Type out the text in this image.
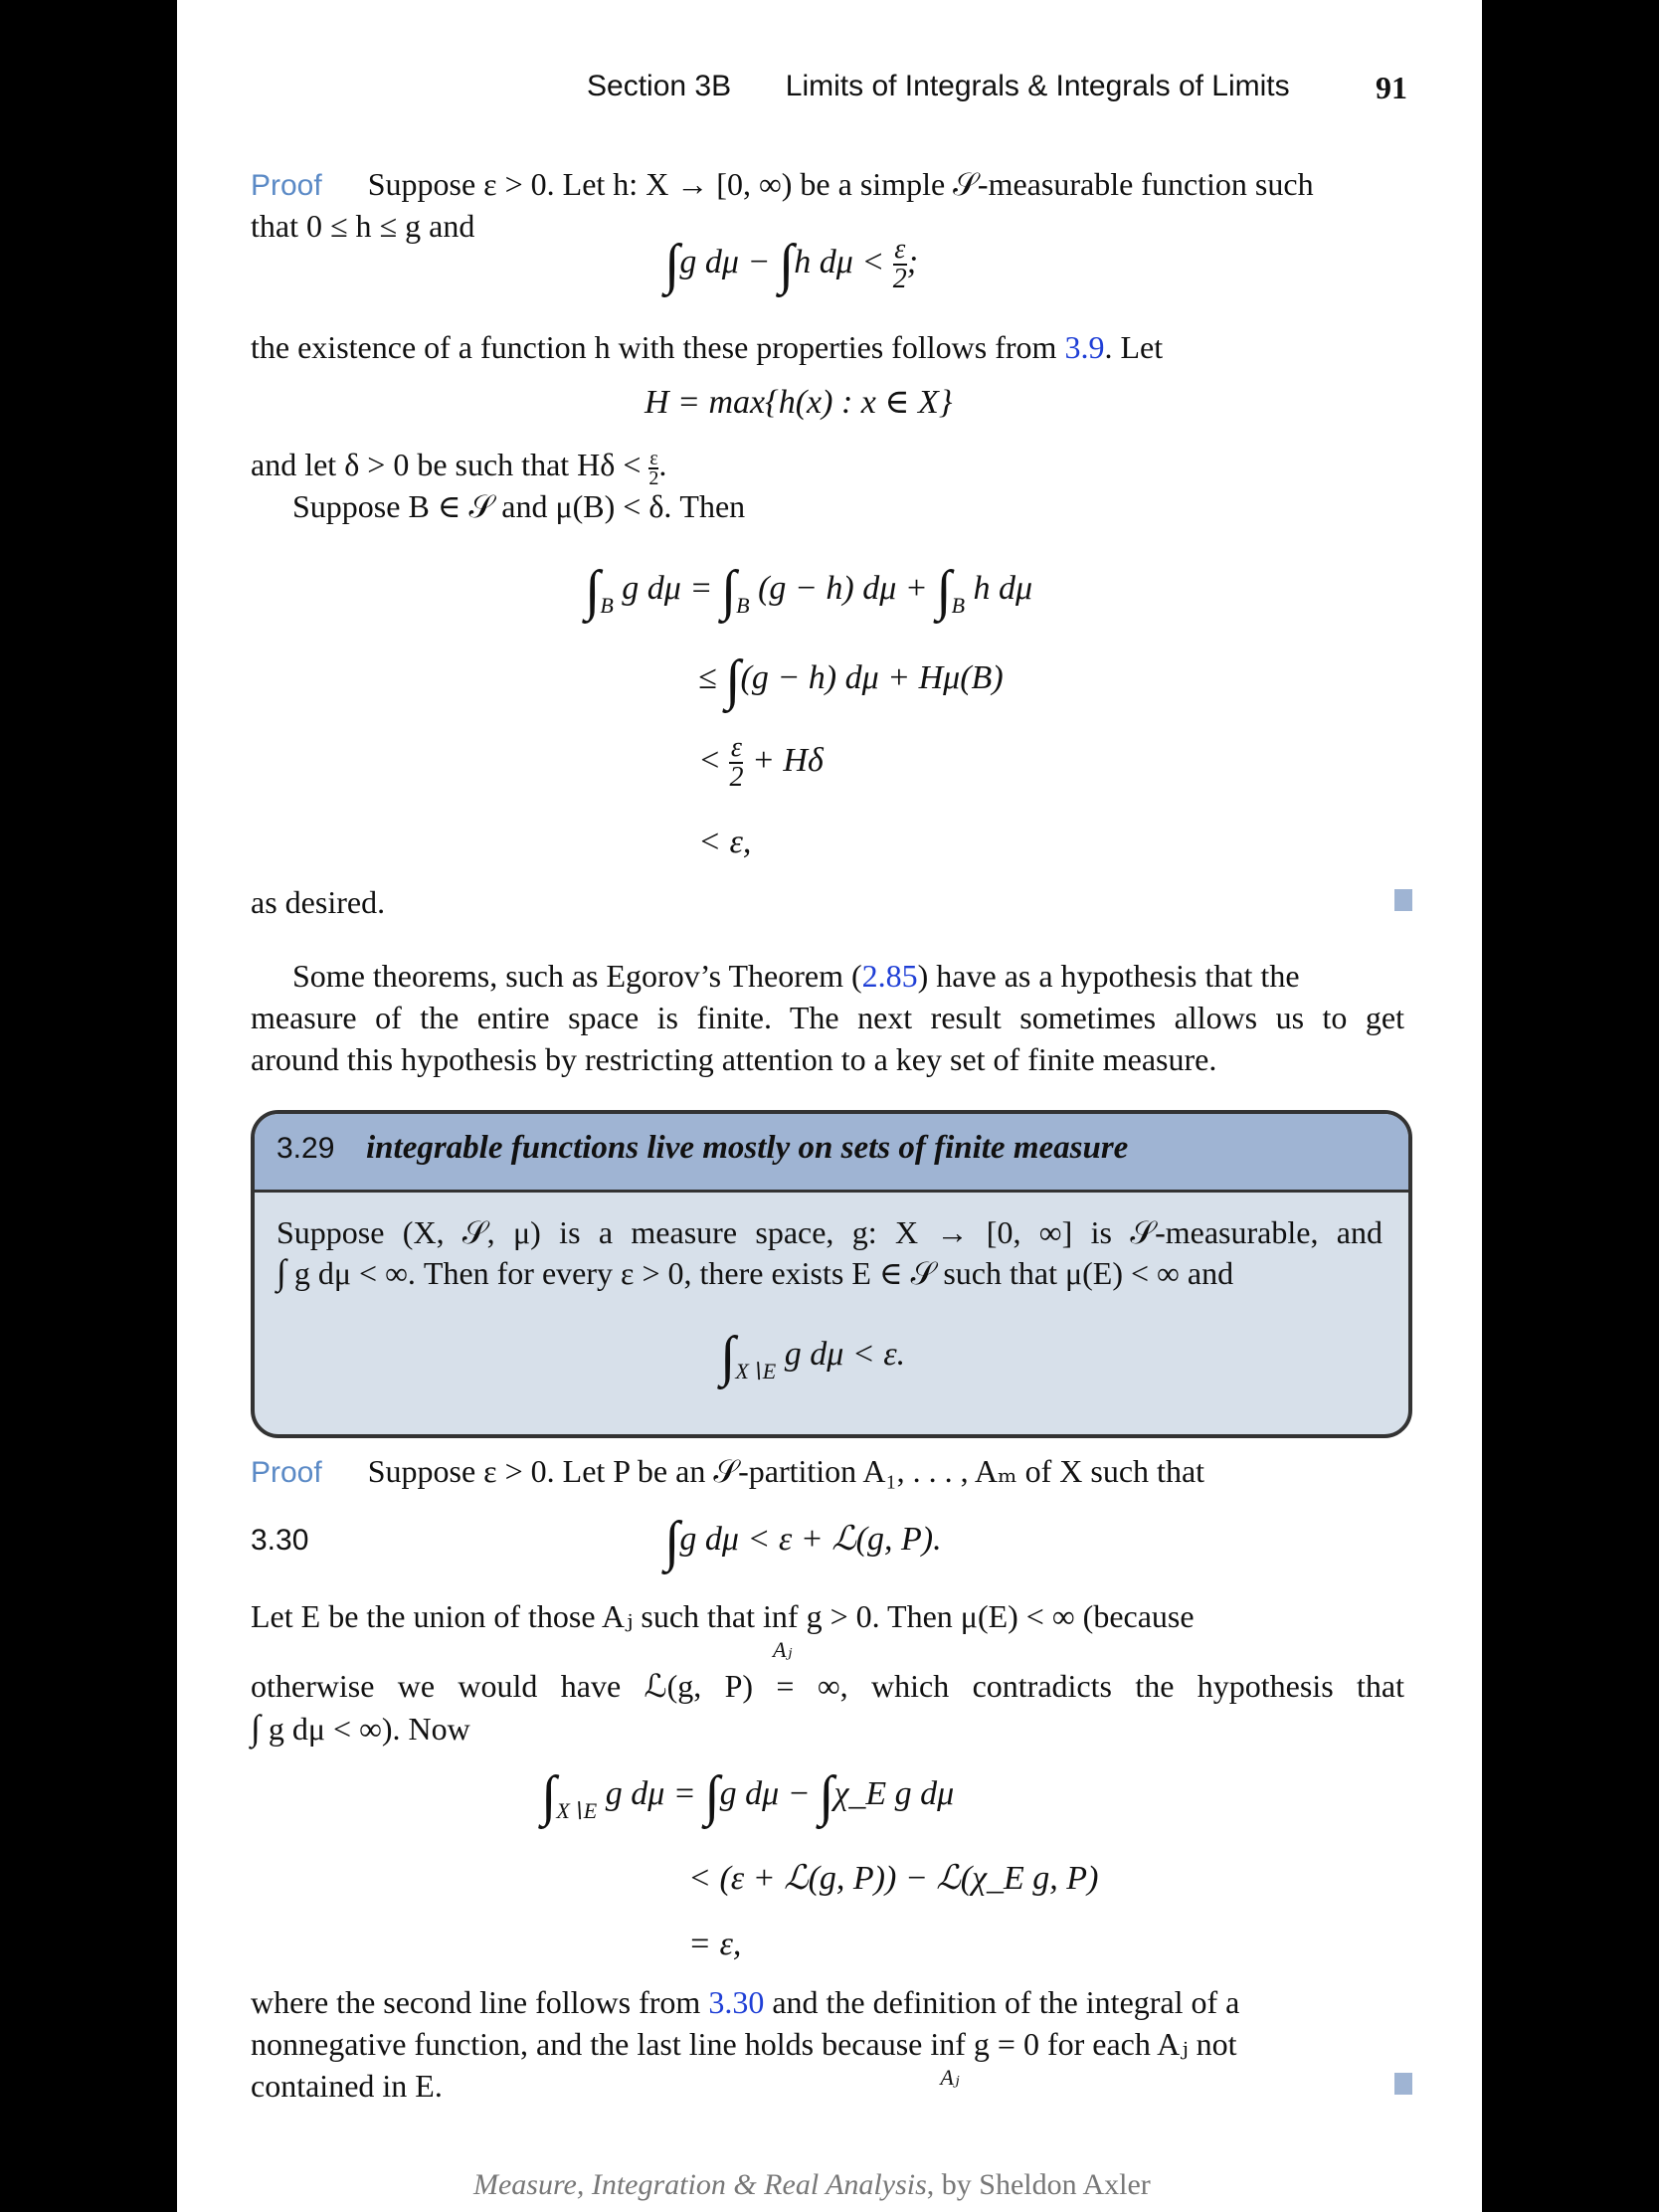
Section 3B Limits of Integrals & Integrals of Limits	91
Proof Suppose ε > 0. Let h: X → [0, ∞) be a simple 𝒮-measurable function such
that 0 ≤ h ≤ g and
∫g dμ − ∫h $d\mu < \frac{\varepsilon}{2}$ ;
the existence of a function h with these properties follows from 3.9. Let
H = max{h(x) : x ∈ X}
and let δ > 0 be such that $H\delta < \frac{\varepsilon}{2}$ .
Suppose B ∈ 𝒮 and μ(B) < δ. Then
$\int_B$ g $d\mu = \int_B$ (g − h) $d\mu + \int_B$ h dμ
≤ ∫(g − h) dμ + Hμ(B)
< $\frac{\varepsilon}{2} + H\delta$
< ε,
as desired.
Some theorems, such as Egorov’s Theorem (2.85) have as a hypothesis that the
measure of the entire space is finite. The next result sometimes allows us to get
around this hypothesis by restricting attention to a key set of finite measure.
3.29 integrable functions live mostly on sets of finite measure
Suppose (X, 𝒮, μ) is a measure space, g: X → [0, ∞] is 𝒮-measurable, and
∫ g dμ < ∞. Then for every ε > 0, there exists E ∈ 𝒮 such that μ(E) < ∞ and
$\int_{X∖E}$ g dμ < ε.
Proof Suppose ε > 0. Let P be an 𝒮-partition A₁, . . . , Aₘ of X such that
3.30	∫g dμ < ε + ℒ(g, P).
Let E be the union of those Aⱼ such that inf
Aⱼ
g > 0. Then μ(E) < ∞ (because
otherwise we would have ℒ(g, P) = ∞, which contradicts the hypothesis that
∫ g dμ < ∞). Now
$\int_{X∖E}$ g dμ = ∫g dμ − ∫χ_E g dμ
< (ε + ℒ(g, P)) − ℒ(χ_E g, P)
= ε,
where the second line follows from 3.30 and the definition of the integral of a
nonnegative function, and the last line holds because inf
Aⱼ
g = 0 for each Aⱼ not
contained in E.
Measure, Integration & Real Analysis, by Sheldon Axler
